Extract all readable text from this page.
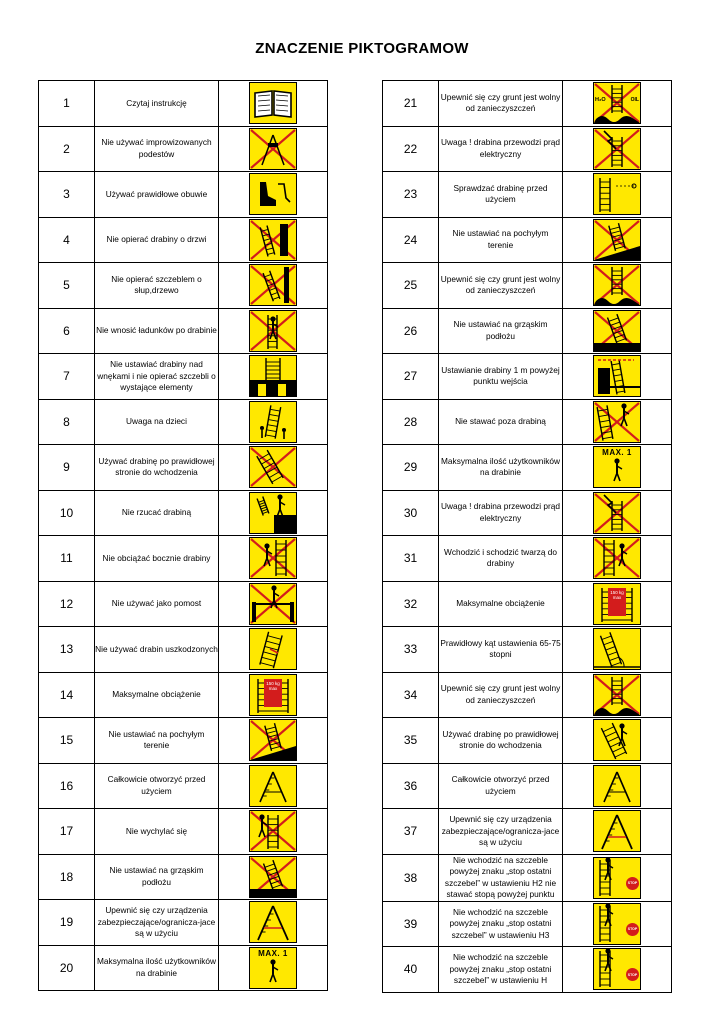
ZNACZENIE PIKTOGRAMOW
1	Czytaj instrukcję	

2	Nie używać improwizowanych podestów	

3	Używać prawidłowe obuwie	

4	Nie opierać drabiny o drzwi	

5	Nie opierać szczeblem o słup,drzewo	

6	Nie wnosić ładunków po drabinie	

7	Nie ustawiać drabiny nad wnękami i nie opierać szczebli o wystające elementy	

8	Uwaga na dzieci	

9	Używać drabinę po prawidłowej stronie do wchodzenia	

10	Nie rzucać drabiną	

11	Nie obciążać bocznie drabiny	

12	Nie używać jako pomost	

13	Nie używać drabin uszkodzonych	

14	Maksymalne obciążenie	150 kg max

15	Nie ustawiać na pochyłym terenie	

16	Całkowicie otworzyć przed użyciem	

17	Nie wychylać się	

18	Nie ustawiać na grząskim podłożu	

19	Upewnić się czy urządzenia zabezpieczające/ogranicza-jace są w użyciu	

20	Maksymalna ilość użytkowników na drabinie	MAX. 1
21	Upewnić się czy grunt jest wolny od zanieczyszczeń	H₂O OIL

22	Uwaga ! drabina przewodzi prąd elektryczny	

23	Sprawdzać drabinę przed użyciem	

24	Nie ustawiać na pochyłym terenie	

25	Upewnić się czy grunt jest wolny od zanieczyszczeń	

26	Nie ustawiać na grząskim podłożu	

27	Ustawianie drabiny 1 m powyżej punktu wejścia	

28	Nie stawać poza drabiną	

29	Maksymalna ilość użytkowników na drabinie	MAX. 1

30	Uwaga ! drabina przewodzi prąd elektryczny	

31	Wchodzić i schodzić twarzą do drabiny	

32	Maksymalne obciążenie	150 kg max

33	Prawidłowy kąt ustawienia 65-75 stopni	

34	Upewnić się czy grunt jest wolny od zanieczyszczeń	

35	Używać drabinę po prawidłowej stronie do wchodzenia	

36	Całkowicie otworzyć przed użyciem	

37	Upewnić się czy urządzenia zabezpieczające/ogranicza-jace są w użyciu	

38	Nie wchodzić na szczeble powyżej znaku „stop ostatni szczebel” w ustawieniu H2 nie stawać stopą powyżej punktu	STOP

39	Nie wchodzić na szczeble powyżej znaku „stop ostatni szczebel” w ustawieniu H3	STOP

40	Nie wchodzić na szczeble powyżej znaku „stop ostatni szczebel” w ustawieniu H	STOP
